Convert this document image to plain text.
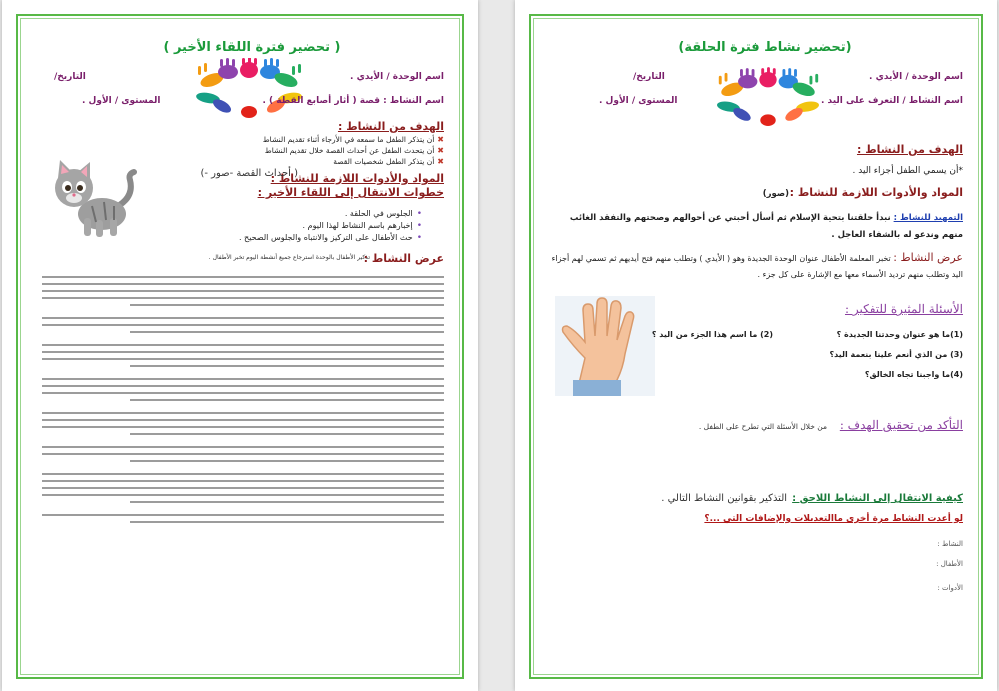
( تحضير فترة اللقاء الأخير )
اسم الوحدة / الأيدي .
التاريخ/
اسم النشاط : قصة ( أثار أصابع القطة ) .
المستوى / الأول .
الهدف من النشاط :
✖أن يتذكر الطفل ما سمعه في الأرجاء أثناء تقديم النشاط
✖أن يتحدث الطفل عن أحداث القصة خلال تقديم النشاط
✖أن يتذكر الطفل شخصيات القصة
المواد والأدوات اللازمة للنشاط :
( أحداث القصة -صور -)
خطوات الانتقال إلى اللقاء الأخير :
•الجلوس في الحلقة .
•إخبارهم باسم النشاط لهذا اليوم .
•حث الأطفال على التركيز والانتباه والجلوس الصحيح .
عرض النشاط :
تذكير الأطفال بالوحدة استرجاع جميع أنشطة اليوم تخبر الأطفال .
(تحضير نشاط فترة الحلقة)
اسم الوحدة / الأيدي .
التاريخ/
اسم النشاط / التعرف على اليد .
المستوى / الأول .
الهدف من النشاط :
*أن يسمي الطفل أجزاء اليد .
المواد والأدوات اللازمة للنشاط :
(صور)
التمهيد للنشاط : نبدأ حلقتنا بتحية الإسلام ثم أسأل أحبتي عن أحوالهم وصحتهم والتفقد الغائب منهم وندعو له بالشفاء العاجل .
عرض النشاط : تخبر المعلمة الأطفال عنوان الوحدة الجديدة وهو ( الأيدي ) وتطلب منهم فتح أيديهم ثم تسمي لهم أجزاء اليد وتطلب منهم ترديد الأسماء معها مع الإشارة على كل جزء .
الأسئلة المثيرة للتفكير :
(1)ما هو عنوان وحدتنا الجديدة ؟
(2) ما اسم هذا الجزء من اليد ؟
(3) من الذي أنعم علينا بنعمة اليد؟
(4)ما واجبنا تجاه الخالق؟
التأكد من تحقيق الهدف :
من خلال الأسئلة التي تطرح على الطفل .
كيفية الانتقال إلى النشاط اللاحق : التذكير بقوانين النشاط التالي .
لو أعدت النشاط مرة أخرى ماالتعديلات والإضافات التي ...؟
النشاط :
الأطفال :
الأدوات :
